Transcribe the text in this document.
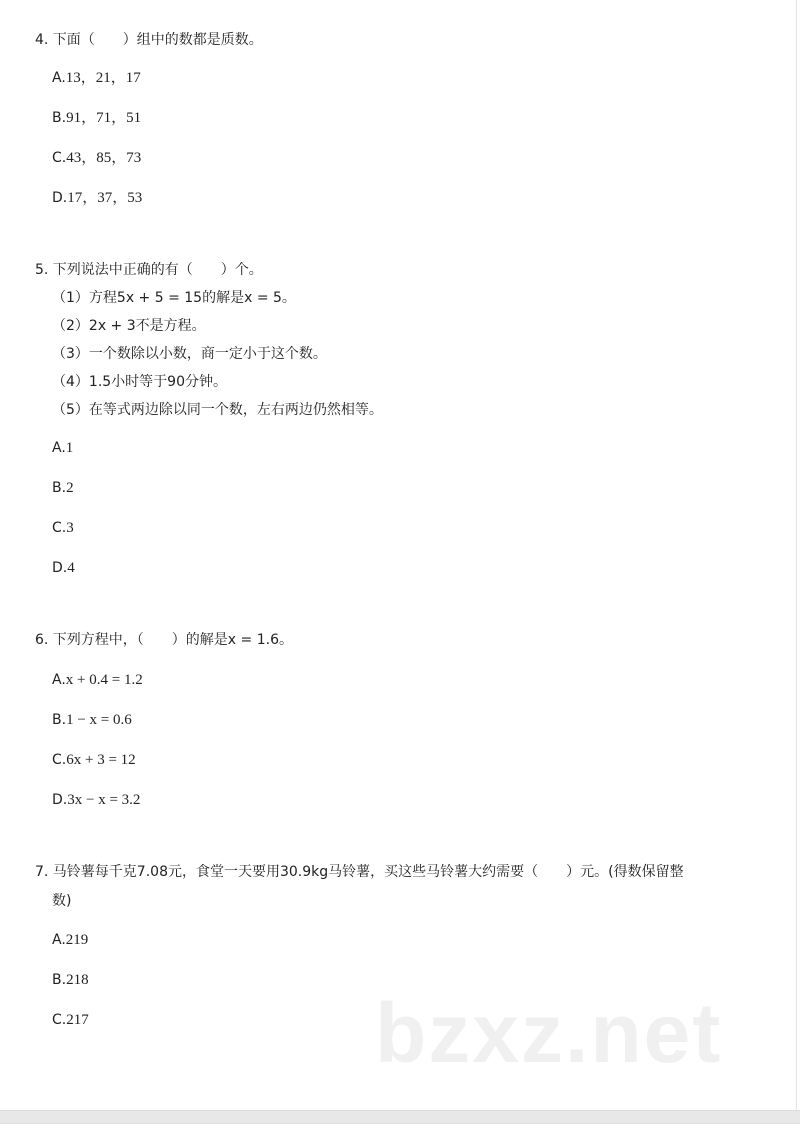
bzxz.net
4. 下面（　　）组中的数都是质数。
A.13，21，17
B.91，71，51
C.43，85，73
D.17，37，53
5. 下列说法中正确的有（　　）个。
（1）方程5x + 5 = 15的解是x = 5。
（2）2x + 3不是方程。
（3）一个数除以小数，商一定小于这个数。
（4）1.5小时等于90分钟。
（5）在等式两边除以同一个数，左右两边仍然相等。
A.1
B.2
C.3
D.4
6. 下列方程中，（　　）的解是x = 1.6。
A.x + 0.4 = 1.2
B.1 − x = 0.6
C.6x + 3 = 12
D.3x − x = 3.2
7. 马铃薯每千克7.08元，食堂一天要用30.9kg马铃薯，买这些马铃薯大约需要（　　）元。(得数保留整
数)
A.219
B.218
C.217
